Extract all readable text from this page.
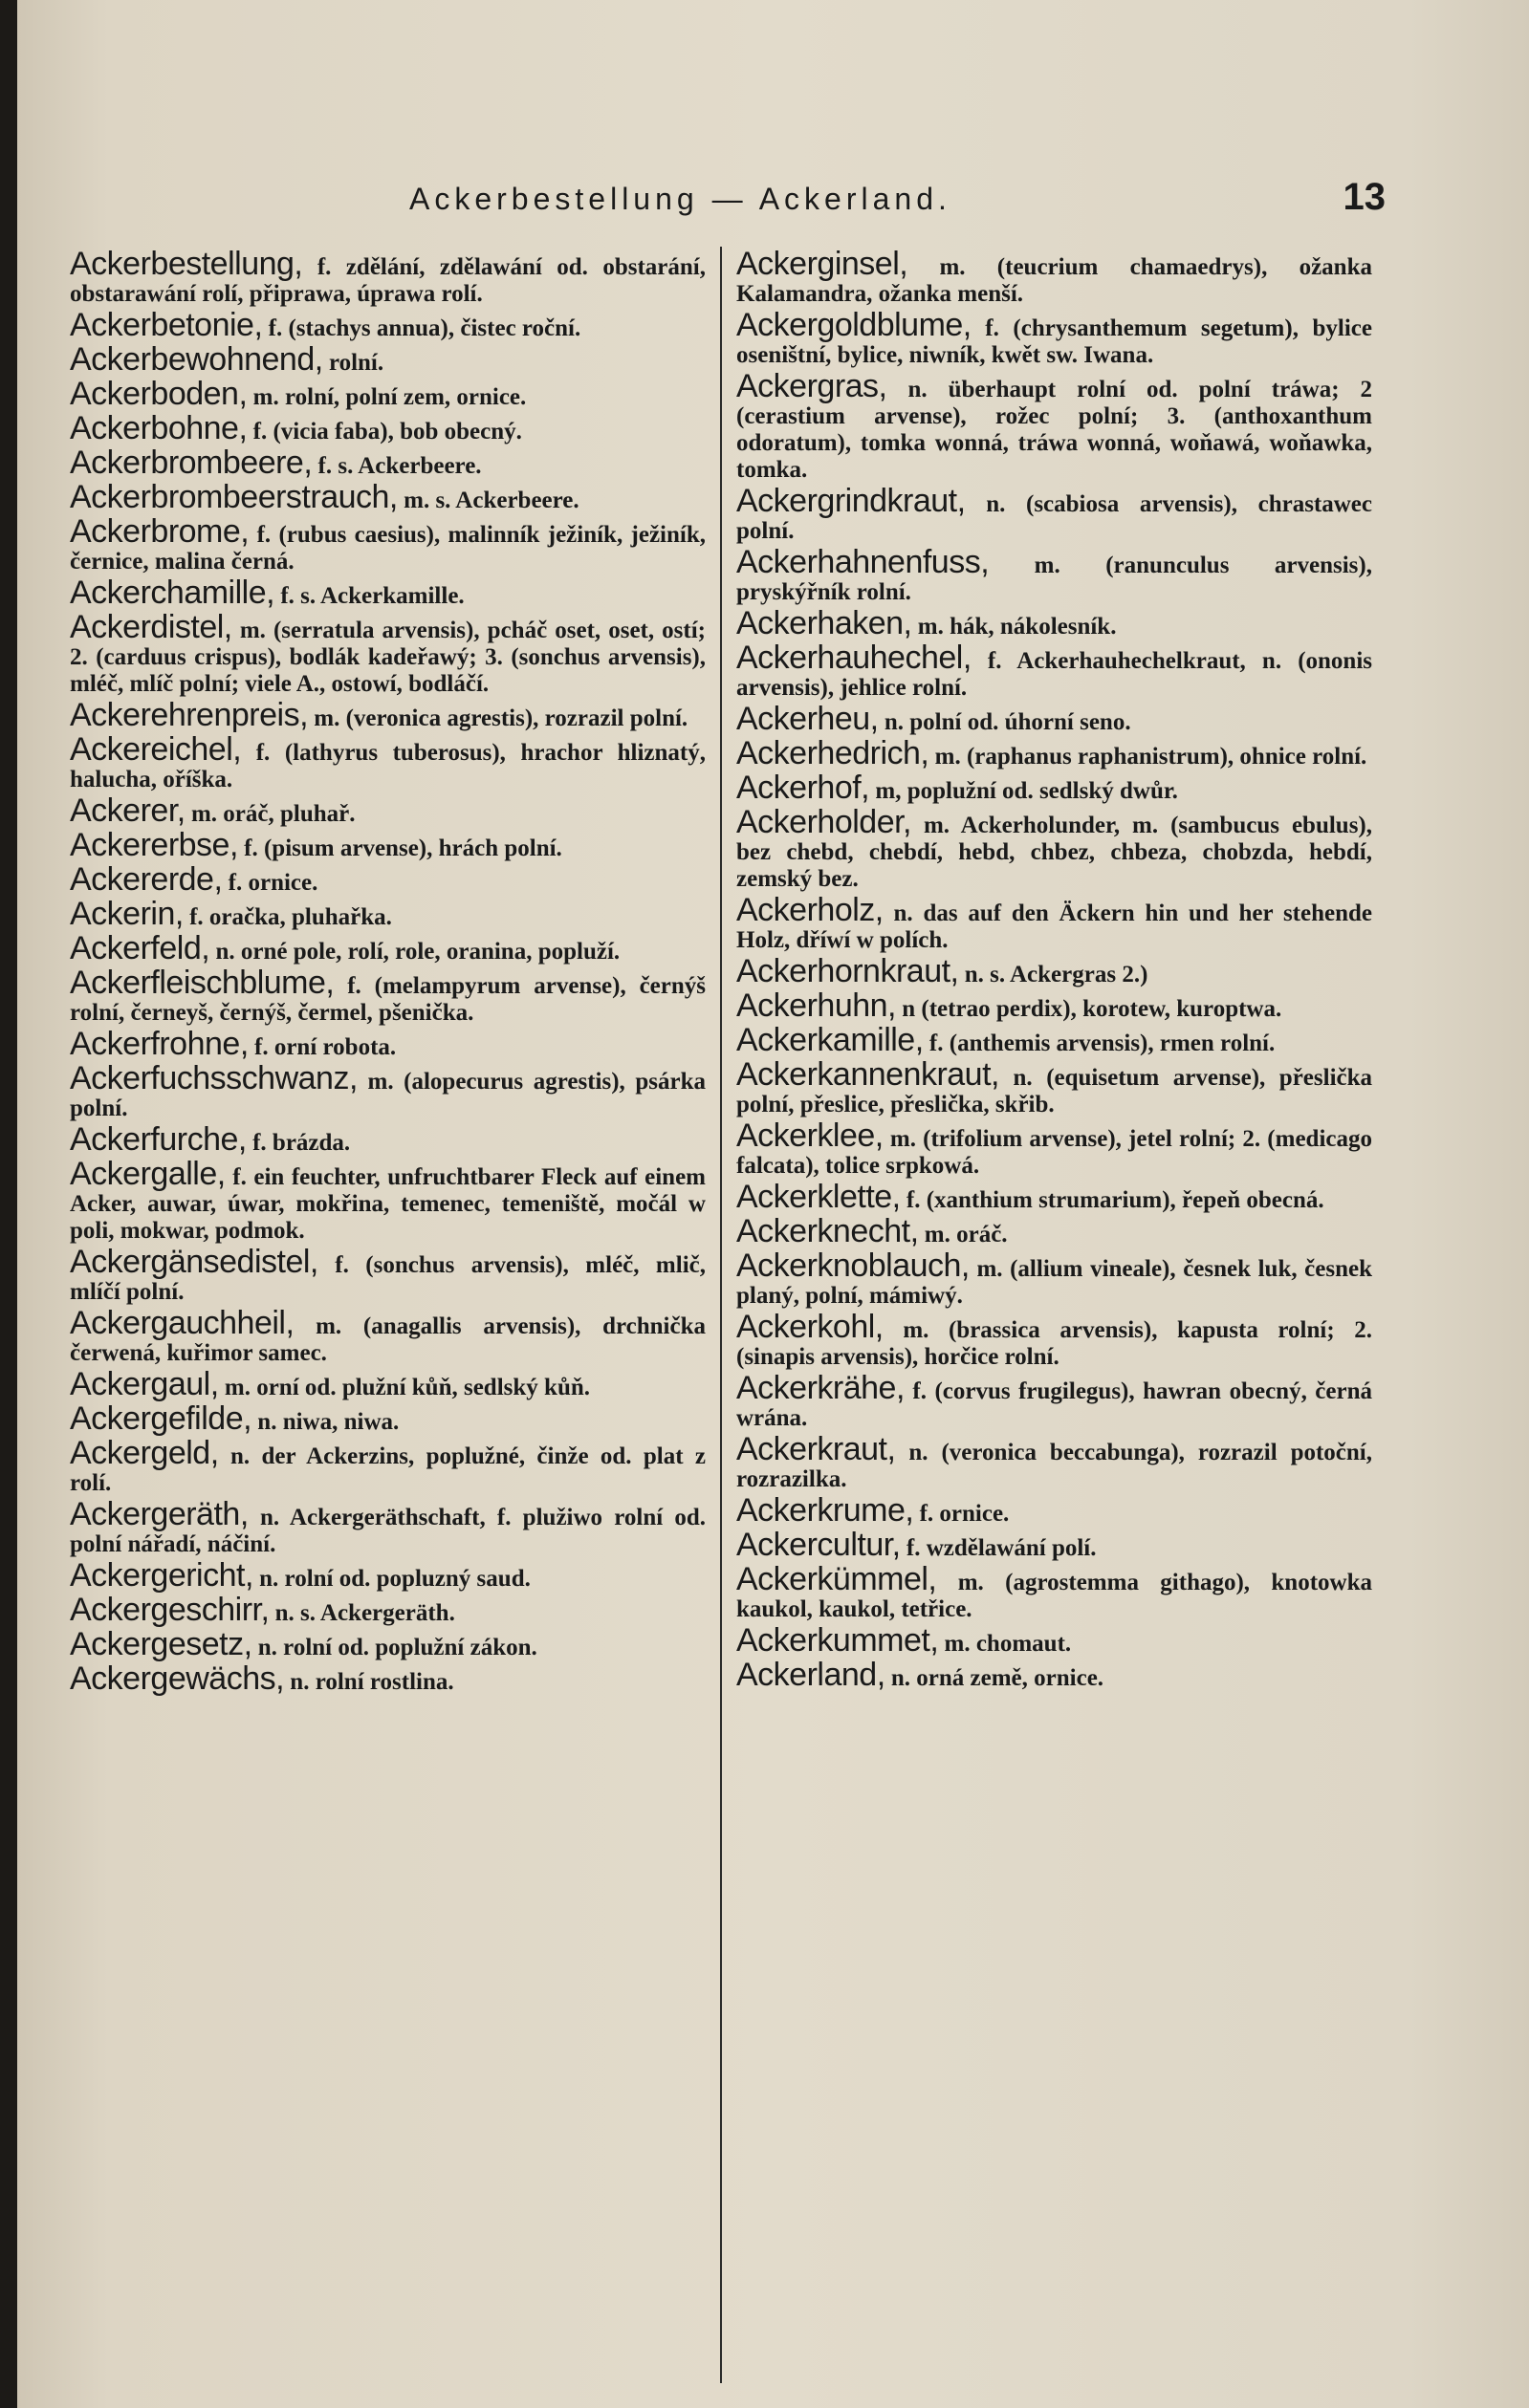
Ackerbestellung — Ackerland.	13

Ackerbestellung, f. zdělání, zdělawání od. obstarání, obstarawání rolí, připrawa, úprawa rolí.

Ackerbetonie, f. (stachys annua), čistec roční.

Ackerbewohnend, rolní.

Ackerboden, m. rolní, polní zem, ornice.

Ackerbohne, f. (vicia faba), bob obecný.

Ackerbrombeere, f. s. Ackerbeere.

Ackerbrombeerstrauch, m. s. Ackerbeere.

Ackerbrome, f. (rubus caesius), malinník ježiník, ježiník, černice, malina černá.

Ackerchamille, f. s. Ackerkamille.

Ackerdistel, m. (serratula arvensis), pcháč oset, oset, ostí; 2. (carduus crispus), bodlák kadeřawý; 3. (sonchus arvensis), mléč, mlíč polní; viele A., ostowí, bodláčí.

Ackerehrenpreis, m. (veronica agrestis), rozrazil polní.

Ackereichel, f. (lathyrus tuberosus), hrachor hliznatý, halucha, oříška.

Ackerer, m. oráč, pluhař.

Ackererbse, f. (pisum arvense), hrách polní.

Ackererde, f. ornice.

Ackerin, f. oračka, pluhařka.

Ackerfeld, n. orné pole, rolí, role, oranina, popluží.

Ackerfleischblume, f. (melampyrum arvense), černýš rolní, černeyš, černýš, čermel, pšenička.

Ackerfrohne, f. orní robota.

Ackerfuchsschwanz, m. (alopecurus agrestis), psárka polní.

Ackerfurche, f. brázda.

Ackergalle, f. ein feuchter, unfruchtbarer Fleck auf einem Acker, auwar, úwar, mokřina, temenec, temeniště, močál w poli, mokwar, podmok.

Ackergänsedistel, f. (sonchus arvensis), mléč, mlič, mlíčí polní.

Ackergauchheil, m. (anagallis arvensis), drchnička čerwená, kuřimor samec.

Ackergaul, m. orní od. plužní kůň, sedlský kůň.

Ackergefilde, n. niwa, niwa.

Ackergeld, n. der Ackerzins, poplužné, činže od. plat z rolí.

Ackergeräth, n. Ackergeräthschaft, f. plužiwo rolní od. polní nářadí, náčiní.

Ackergericht, n. rolní od. popluzný saud.

Ackergeschirr, n. s. Ackergeräth.

Ackergesetz, n. rolní od. poplužní zákon.

Ackergewächs, n. rolní rostlina.

Ackerginsel, m. (teucrium chamaedrys), ožanka Kalamandra, ožanka menší.

Ackergoldblume, f. (chrysanthemum segetum), bylice oseništní, bylice, niwník, kwět sw. Iwana.

Ackergras, n. überhaupt rolní od. polní tráwa; 2 (cerastium arvense), rožec polní; 3. (anthoxanthum odoratum), tomka wonná, tráwa wonná, woňawá, woňawka, tomka.

Ackergrindkraut, n. (scabiosa arvensis), chrastawec polní.

Ackerhahnenfuss, m. (ranunculus arvensis), pryskýřník rolní.

Ackerhaken, m. hák, nákolesník.

Ackerhauhechel, f. Ackerhauhechelkraut, n. (ononis arvensis), jehlice rolní.

Ackerheu, n. polní od. úhorní seno.

Ackerhedrich, m. (raphanus raphanistrum), ohnice rolní.

Ackerhof, m, poplužní od. sedlský dwůr.

Ackerholder, m. Ackerholunder, m. (sambucus ebulus), bez chebd, chebdí, hebd, chbez, chbeza, chobzda, hebdí, zemský bez.

Ackerholz, n. das auf den Äckern hin und her stehende Holz, dříwí w polích.

Ackerhornkraut, n. s. Ackergras 2.)

Ackerhuhn, n (tetrao perdix), korotew, kuroptwa.

Ackerkamille, f. (anthemis arvensis), rmen rolní.

Ackerkannenkraut, n. (equisetum arvense), přeslička polní, přeslice, přeslička, skřib.

Ackerklee, m. (trifolium arvense), jetel rolní; 2. (medicago falcata), tolice srpkowá.

Ackerklette, f. (xanthium strumarium), řepeň obecná.

Ackerknecht, m. oráč.

Ackerknoblauch, m. (allium vineale), česnek luk, česnek planý, polní, mámiwý.

Ackerkohl, m. (brassica arvensis), kapusta rolní; 2. (sinapis arvensis), horčice rolní.

Ackerkrähe, f. (corvus frugilegus), hawran obecný, černá wrána.

Ackerkraut, n. (veronica beccabunga), rozrazil potoční, rozrazilka.

Ackerkrume, f. ornice.

Ackercultur, f. wzdělawání polí.

Ackerkümmel, m. (agrostemma githago), knotowka kaukol, kaukol, tetřice.

Ackerkummet, m. chomaut.

Ackerland, n. orná země, ornice.
